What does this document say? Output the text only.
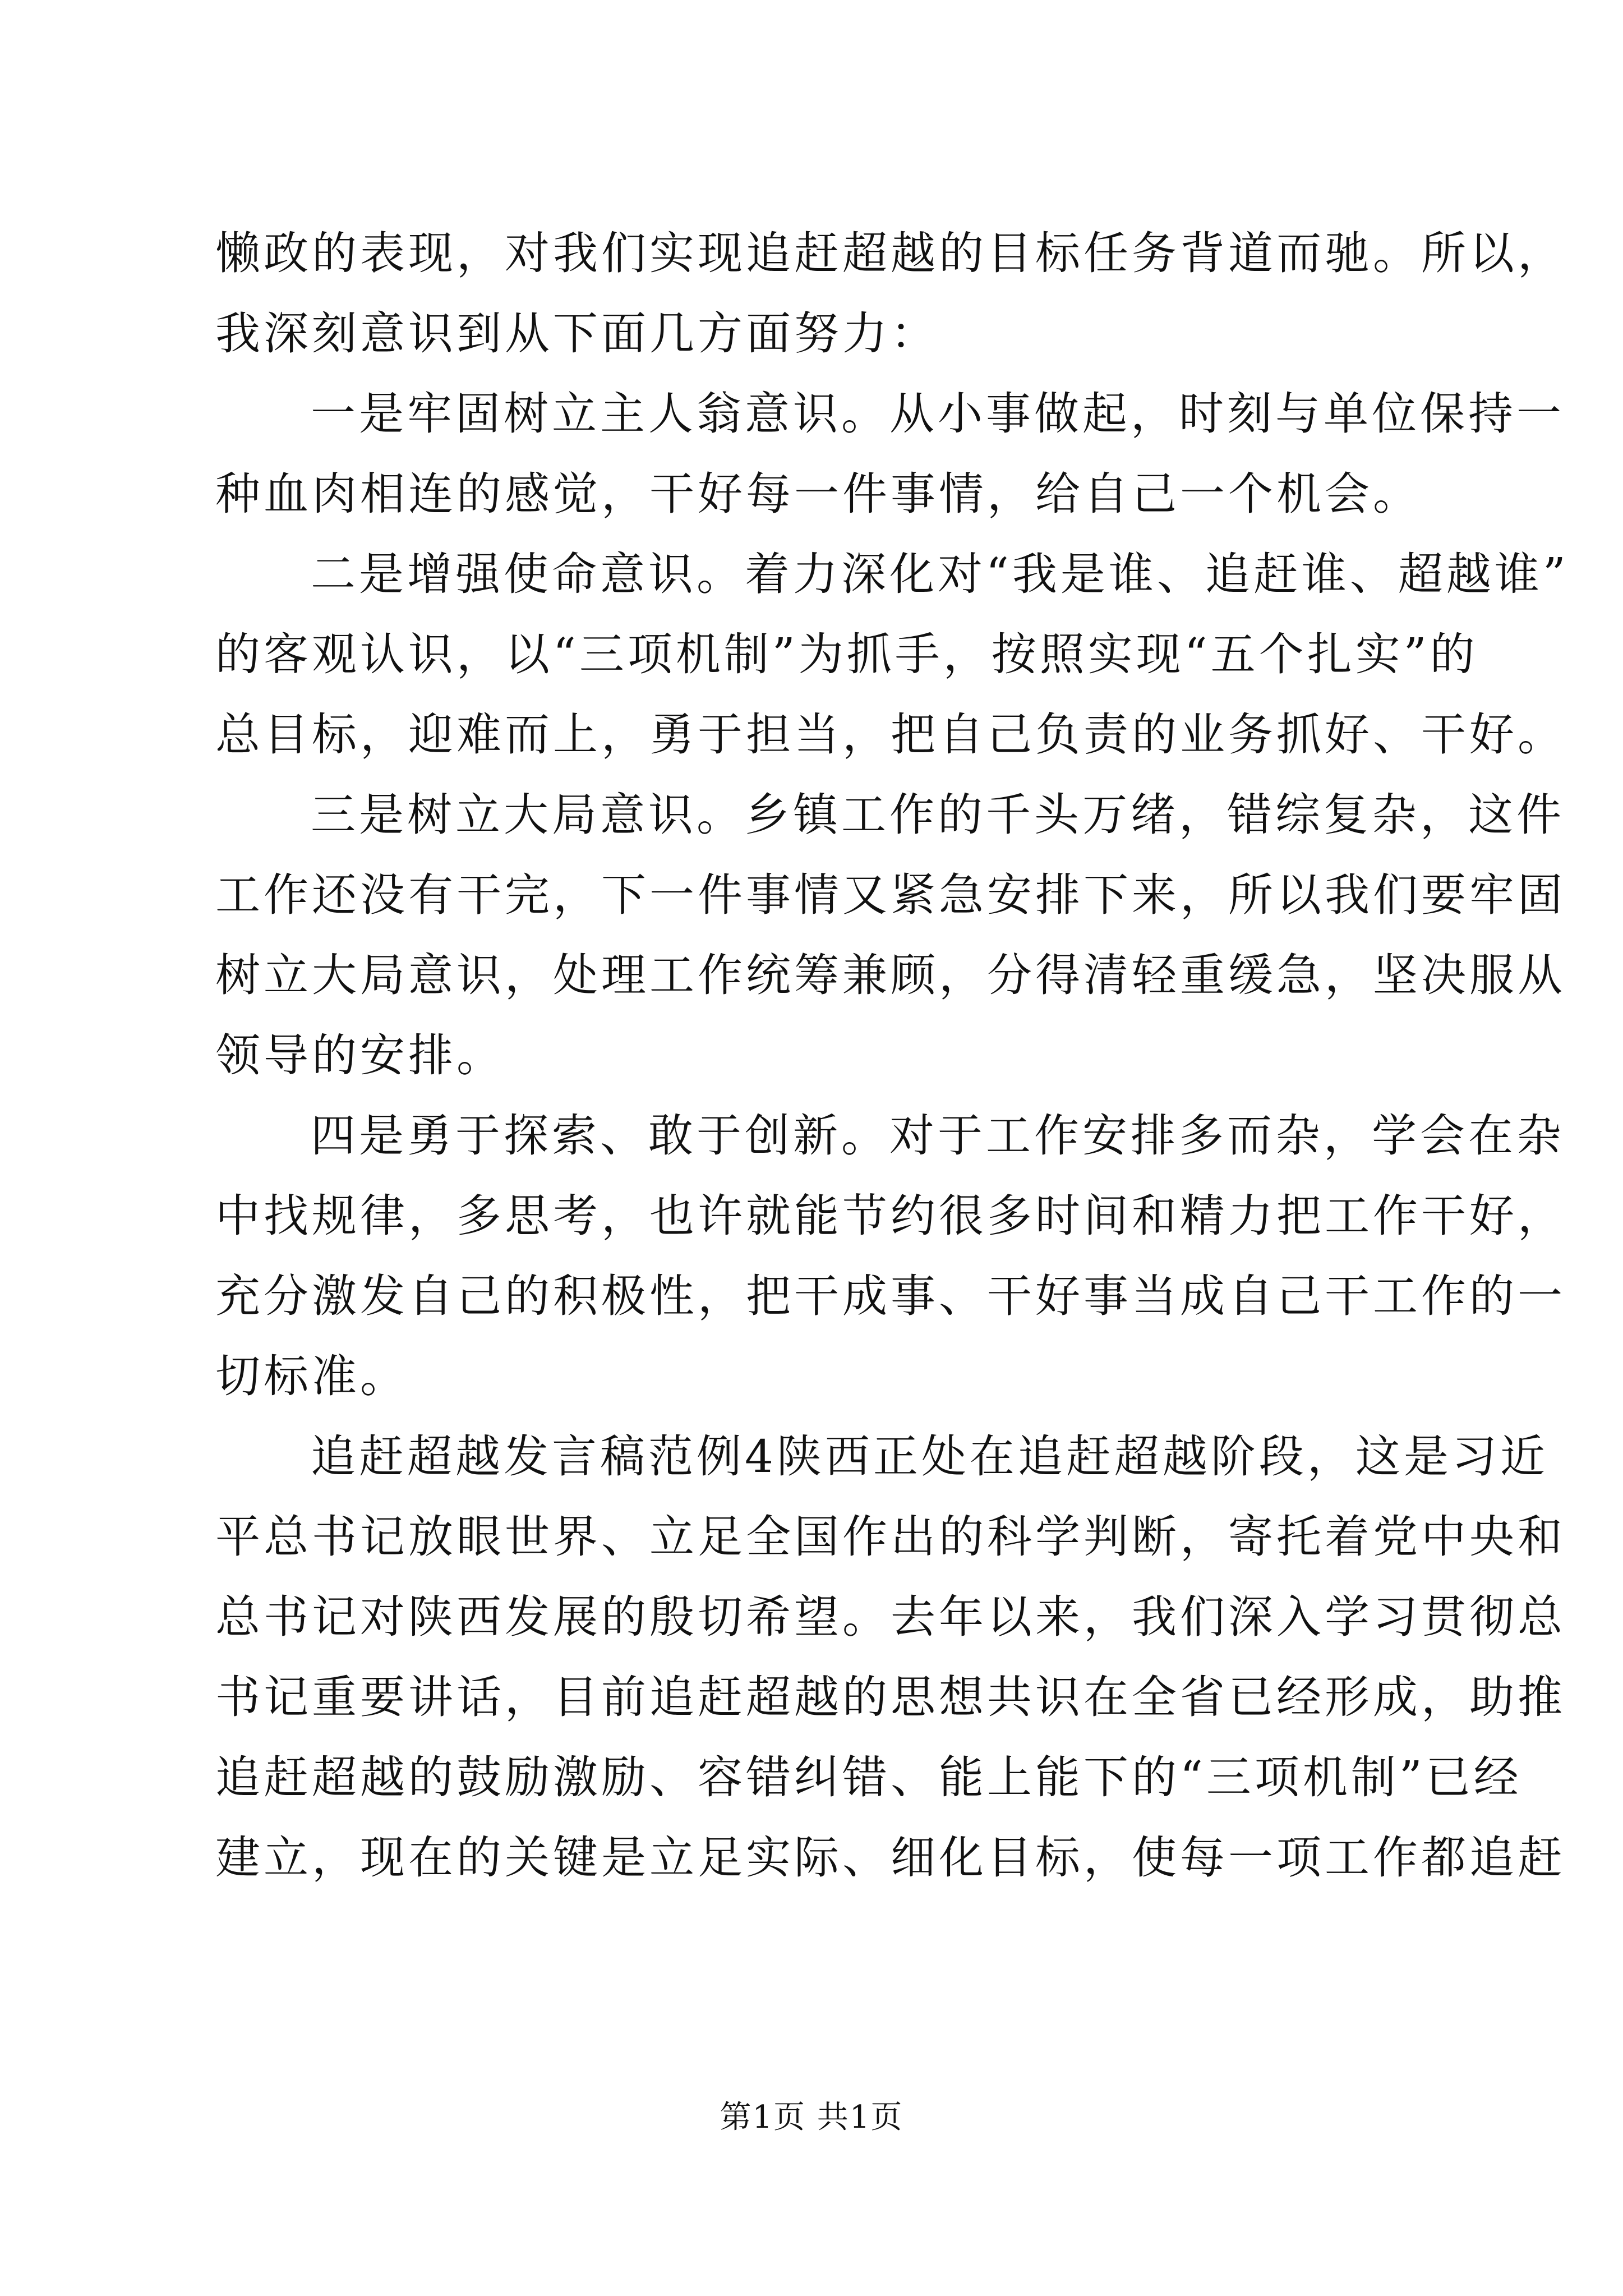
懒政的表现，对我们实现追赶超越的目标任务背道而驰。所以，
我深刻意识到从下面几方面努力：
一是牢固树立主人翁意识。从小事做起，时刻与单位保持一
种血肉相连的感觉，干好每一件事情，给自己一个机会。
二是增强使命意识。着力深化对“我是谁、追赶谁、超越谁”
的客观认识，以“三项机制”为抓手，按照实现“五个扎实”的
总目标，迎难而上，勇于担当，把自己负责的业务抓好、干好。
三是树立大局意识。乡镇工作的千头万绪，错综复杂，这件
工作还没有干完，下一件事情又紧急安排下来，所以我们要牢固
树立大局意识，处理工作统筹兼顾，分得清轻重缓急，坚决服从
领导的安排。
四是勇于探索、敢于创新。对于工作安排多而杂，学会在杂
中找规律，多思考，也许就能节约很多时间和精力把工作干好，
充分激发自己的积极性，把干成事、干好事当成自己干工作的一
切标准。
追赶超越发言稿范例4陕西正处在追赶超越阶段，这是习近
平总书记放眼世界、立足全国作出的科学判断，寄托着党中央和
总书记对陕西发展的殷切希望。去年以来，我们深入学习贯彻总
书记重要讲话，目前追赶超越的思想共识在全省已经形成，助推
追赶超越的鼓励激励、容错纠错、能上能下的“三项机制”已经
建立，现在的关键是立足实际、细化目标，使每一项工作都追赶
第1页 共1页
